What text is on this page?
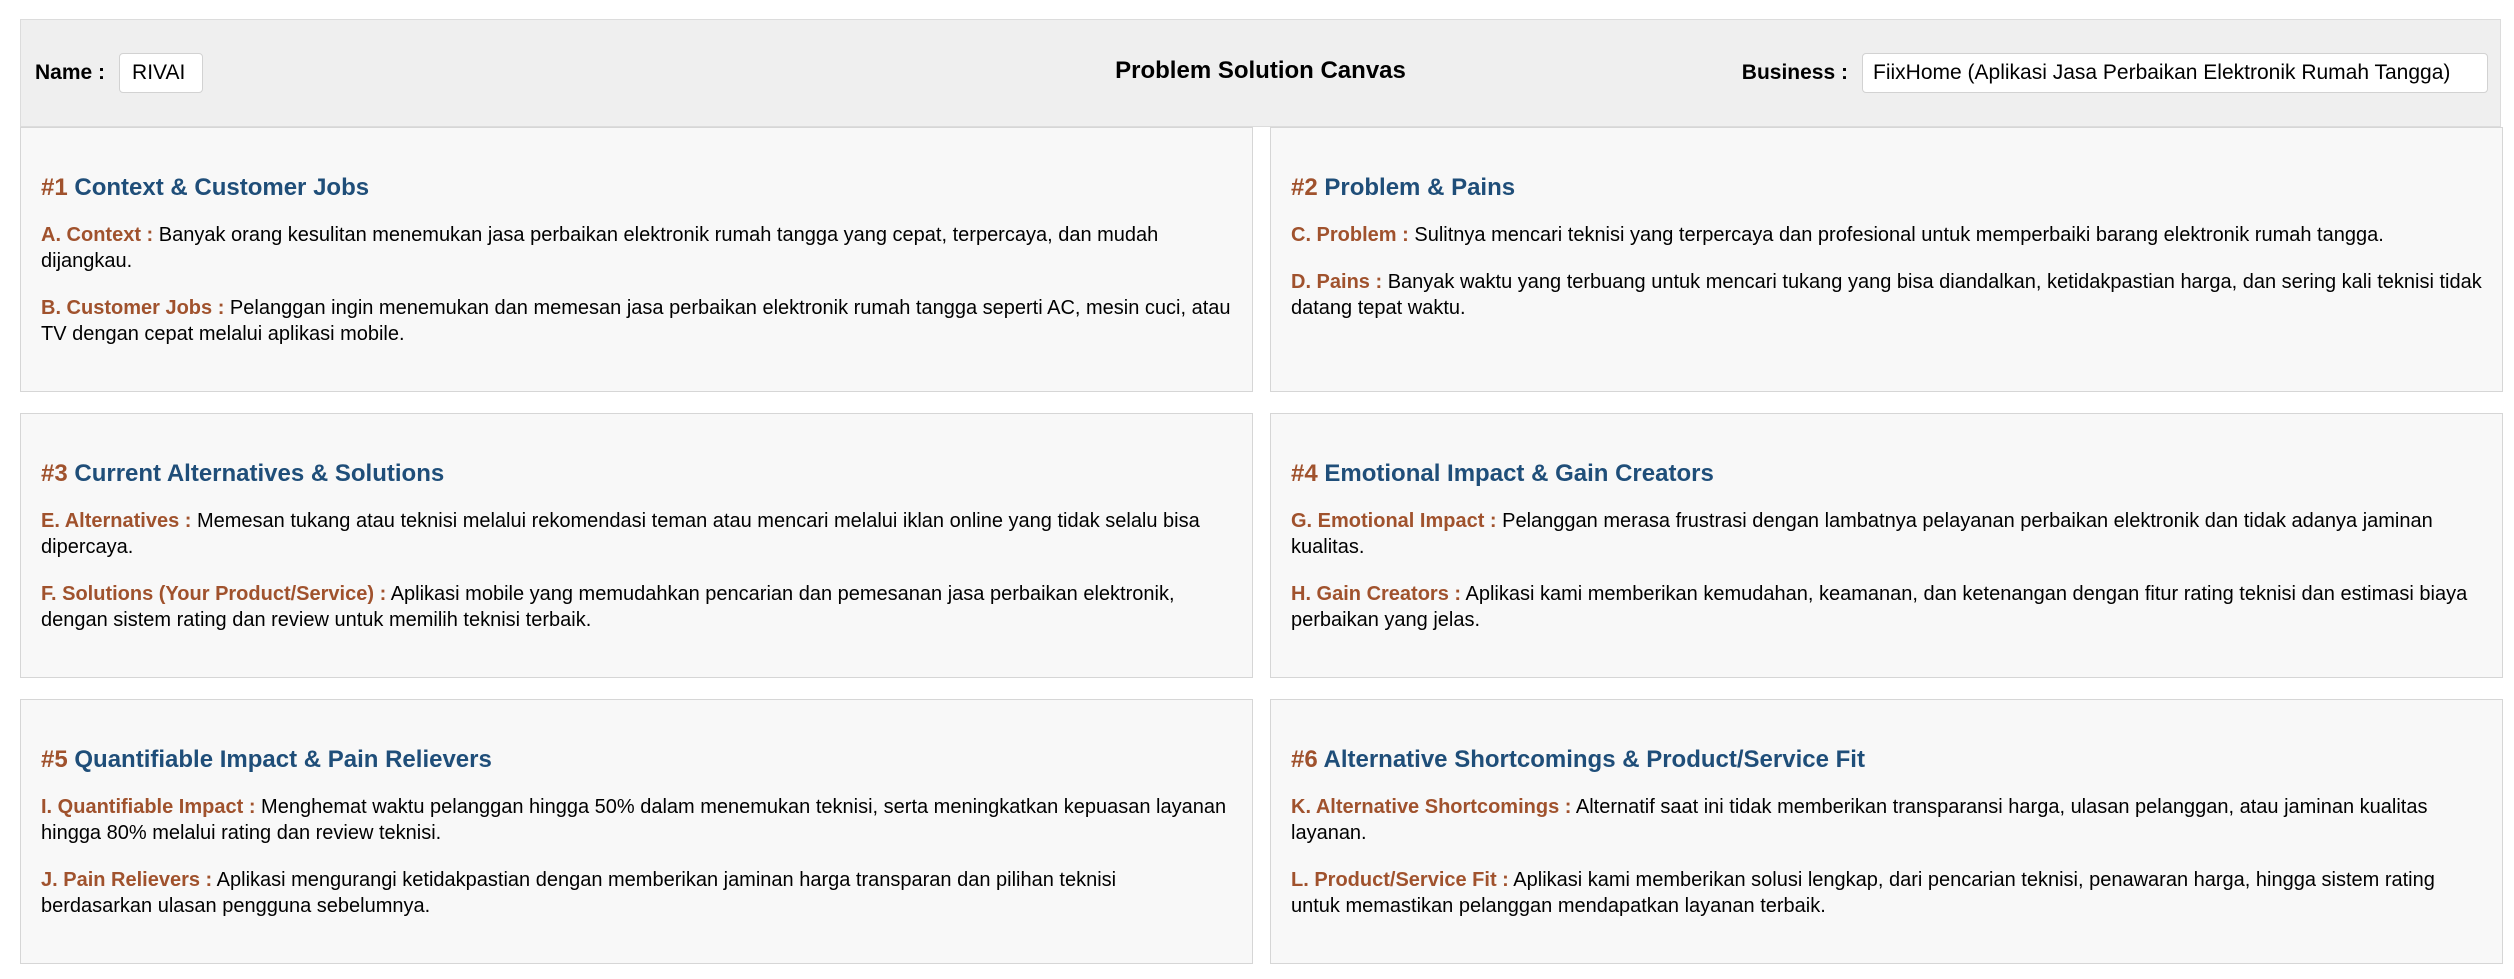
Name :
RIVAI	Problem Solution Canvas	Business :
FiixHome (Aplikasi Jasa Perbaikan Elektronik Rumah Tangga)
#1 Context & Customer Jobs

A. Context : Banyak orang kesulitan menemukan jasa perbaikan elektronik rumah tangga yang cepat, terpercaya, dan mudah dijangkau.

B. Customer Jobs : Pelanggan ingin menemukan dan memesan jasa perbaikan elektronik rumah tangga seperti AC, mesin cuci, atau TV dengan cepat melalui aplikasi mobile.

#2 Problem & Pains

C. Problem : Sulitnya mencari teknisi yang terpercaya dan profesional untuk memperbaiki barang elektronik rumah tangga.

D. Pains : Banyak waktu yang terbuang untuk mencari tukang yang bisa diandalkan, ketidakpastian harga, dan sering kali teknisi tidak datang tepat waktu.

#3 Current Alternatives & Solutions

E. Alternatives : Memesan tukang atau teknisi melalui rekomendasi teman atau mencari melalui iklan online yang tidak selalu bisa dipercaya.

F. Solutions (Your Product/Service) : Aplikasi mobile yang memudahkan pencarian dan pemesanan jasa perbaikan elektronik, dengan sistem rating dan review untuk memilih teknisi terbaik.

#4 Emotional Impact & Gain Creators

G. Emotional Impact : Pelanggan merasa frustrasi dengan lambatnya pelayanan perbaikan elektronik dan tidak adanya jaminan kualitas.

H. Gain Creators : Aplikasi kami memberikan kemudahan, keamanan, dan ketenangan dengan fitur rating teknisi dan estimasi biaya perbaikan yang jelas.

#5 Quantifiable Impact & Pain Relievers

I. Quantifiable Impact : Menghemat waktu pelanggan hingga 50% dalam menemukan teknisi, serta meningkatkan kepuasan layanan hingga 80% melalui rating dan review teknisi.

J. Pain Relievers : Aplikasi mengurangi ketidakpastian dengan memberikan jaminan harga transparan dan pilihan teknisi berdasarkan ulasan pengguna sebelumnya.

#6 Alternative Shortcomings & Product/Service Fit

K. Alternative Shortcomings : Alternatif saat ini tidak memberikan transparansi harga, ulasan pelanggan, atau jaminan kualitas layanan.

L. Product/Service Fit : Aplikasi kami memberikan solusi lengkap, dari pencarian teknisi, penawaran harga, hingga sistem rating untuk memastikan pelanggan mendapatkan layanan terbaik.
